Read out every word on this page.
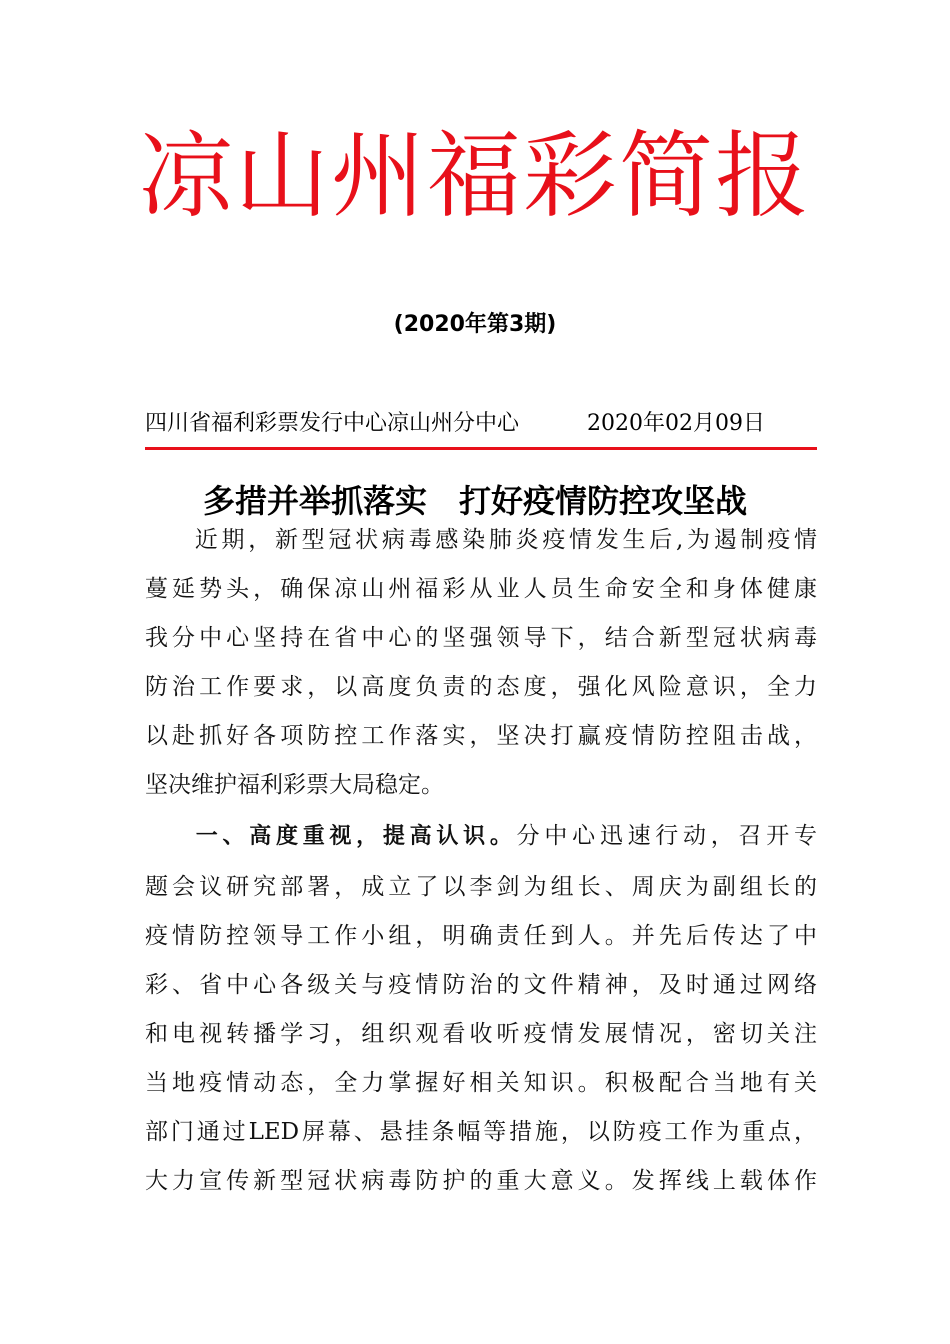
凉山州福彩简报
(2020年第3期)
四川省福利彩票发行中心凉山州分中心	2020年02月09日
多措并举抓落实　打好疫情防控攻坚战
近期，新型冠状病毒感染肺炎疫情发生后,为遏制疫情
蔓延势头，确保凉山州福彩从业人员生命安全和身体健康
我分中心坚持在省中心的坚强领导下，结合新型冠状病毒
防治工作要求，以高度负责的态度，强化风险意识，全力
以赴抓好各项防控工作落实，坚决打赢疫情防控阻击战，
坚决维护福利彩票大局稳定。
一、高度重视，提高认识。分中心迅速行动，召开专
题会议研究部署，成立了以李剑为组长、周庆为副组长的
疫情防控领导工作小组，明确责任到人。并先后传达了中
彩、省中心各级关与疫情防治的文件精神，及时通过网络
和电视转播学习，组织观看收听疫情发展情况，密切关注
当地疫情动态，全力掌握好相关知识。积极配合当地有关
部门通过LED屏幕、悬挂条幅等措施，以防疫工作为重点，
大力宣传新型冠状病毒防护的重大意义。发挥线上载体作
